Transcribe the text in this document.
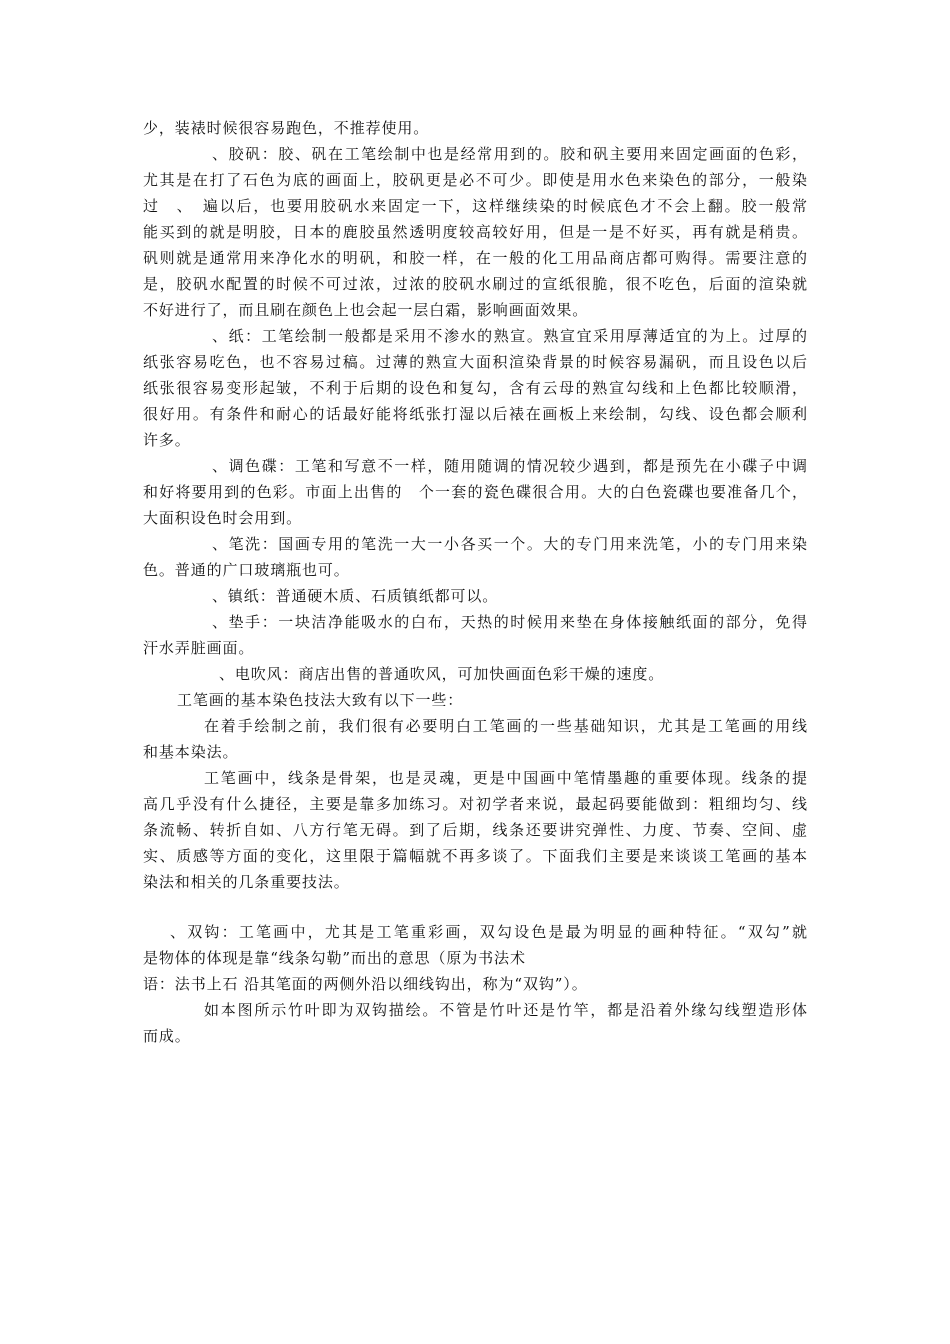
少，装裱时候很容易跑色，不推荐使用。
、胶矾：胶、矾在工笔绘制中也是经常用到的。胶和矾主要用来固定画面的色彩，
尤其是在打了石色为底的画面上，胶矾更是必不可少。即使是用水色来染色的部分，一般染
过　、　遍以后，也要用胶矾水来固定一下，这样继续染的时候底色才不会上翻。胶一般常
能买到的就是明胶，日本的鹿胶虽然透明度较高较好用，但是一是不好买，再有就是稍贵。
矾则就是通常用来净化水的明矾，和胶一样，在一般的化工用品商店都可购得。需要注意的
是，胶矾水配置的时候不可过浓，过浓的胶矾水刷过的宣纸很脆，很不吃色，后面的渲染就
不好进行了，而且刷在颜色上也会起一层白霜，影响画面效果。
、纸：工笔绘制一般都是采用不渗水的熟宣。熟宣宜采用厚薄适宜的为上。过厚的
纸张容易吃色，也不容易过稿。过薄的熟宣大面积渲染背景的时候容易漏矾，而且设色以后
纸张很容易变形起皱，不利于后期的设色和复勾，含有云母的熟宣勾线和上色都比较顺滑，
很好用。有条件和耐心的话最好能将纸张打湿以后裱在画板上来绘制，勾线、设色都会顺利
许多。
、调色碟：工笔和写意不一样，随用随调的情况较少遇到，都是预先在小碟子中调
和好将要用到的色彩。市面上出售的　个一套的瓷色碟很合用。大的白色瓷碟也要准备几个，
大面积设色时会用到。
、笔洗：国画专用的笔洗一大一小各买一个。大的专门用来洗笔，小的专门用来染
色。普通的广口玻璃瓶也可。
、镇纸：普通硬木质、石质镇纸都可以。
、垫手：一块洁净能吸水的白布，天热的时候用来垫在身体接触纸面的部分，免得
汗水弄脏画面。
、电吹风：商店出售的普通吹风，可加快画面色彩干燥的速度。
工笔画的基本染色技法大致有以下一些：
在着手绘制之前，我们很有必要明白工笔画的一些基础知识，尤其是工笔画的用线
和基本染法。
工笔画中，线条是骨架，也是灵魂，更是中国画中笔情墨趣的重要体现。线条的提
高几乎没有什么捷径，主要是靠多加练习。对初学者来说，最起码要能做到：粗细均匀、线
条流畅、转折自如、八方行笔无碍。到了后期，线条还要讲究弹性、力度、节奏、空间、虚
实、质感等方面的变化，这里限于篇幅就不再多谈了。下面我们主要是来谈谈工笔画的基本
染法和相关的几条重要技法。
、双钩：工笔画中，尤其是工笔重彩画，双勾设色是最为明显的画种特征。“双勾”就
是物体的体现是靠“线条勾勒”而出的意思（原为书法术
语：法书上石 沿其笔面的两侧外沿以细线钩出，称为“双钩”）。
如本图所示竹叶即为双钩描绘。不管是竹叶还是竹竿，都是沿着外缘勾线塑造形体
而成。
